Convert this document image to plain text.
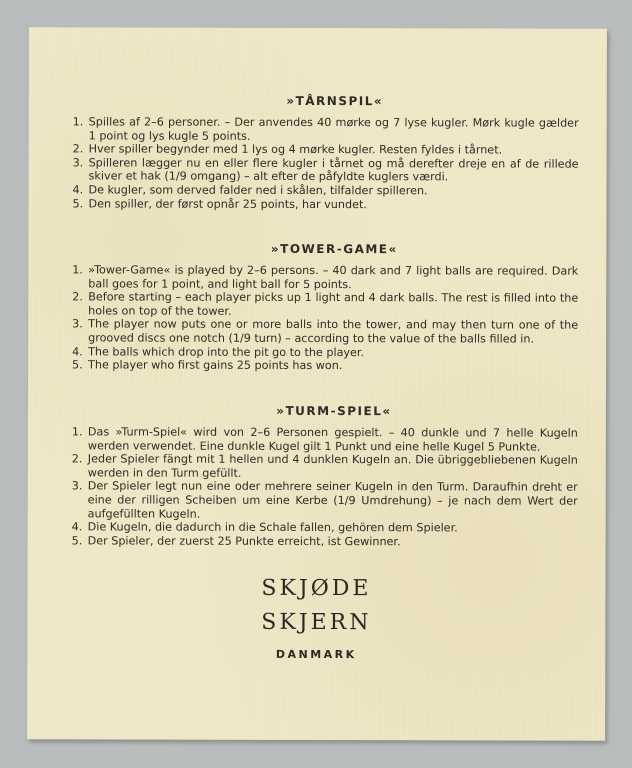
»TÅRNSPIL«
1. Spilles af 2–6 personer. – Der anvendes 40 mørke og 7 lyse kugler. Mørk kugle gælder 1 point og lys kugle 5 points.
2. Hver spiller begynder med 1 lys og 4 mørke kugler. Resten fyldes i tårnet.
3. Spilleren lægger nu en eller flere kugler i tårnet og må derefter dreje en af de rillede skiver et hak (1/9 omgang) – alt efter de påfyldte kuglers værdi.
4. De kugler, som derved falder ned i skålen, tilfalder spilleren.
5. Den spiller, der først opnår 25 points, har vundet.
»TOWER-GAME«
1. »Tower-Game« is played by 2–6 persons. – 40 dark and 7 light balls are required. Dark ball goes for 1 point, and light ball for 5 points.
2. Before starting – each player picks up 1 light and 4 dark balls. The rest is filled into the holes on top of the tower.
3. The player now puts one or more balls into the tower, and may then turn one of the grooved discs one notch (1/9 turn) – according to the value of the balls filled in.
4. The balls which drop into the pit go to the player.
5. The player who first gains 25 points has won.
»TURM-SPIEL«
1. Das »Turm-Spiel« wird von 2–6 Personen gespielt. – 40 dunkle und 7 helle Kugeln werden verwendet. Eine dunkle Kugel gilt 1 Punkt und eine helle Kugel 5 Punkte.
2. Jeder Spieler fängt mit 1 hellen und 4 dunklen Kugeln an. Die übriggebliebenen Kugeln werden in den Turm gefüllt.
3. Der Spieler legt nun eine oder mehrere seiner Kugeln in den Turm. Daraufhin dreht er eine der rilligen Scheiben um eine Kerbe (1/9 Umdrehung) – je nach dem Wert der aufgefüllten Kugeln.
4. Die Kugeln, die dadurch in die Schale fallen, gehören dem Spieler.
5. Der Spieler, der zuerst 25 Punkte erreicht, ist Gewinner.
SKJØDE
SKJERN
DANMARK
